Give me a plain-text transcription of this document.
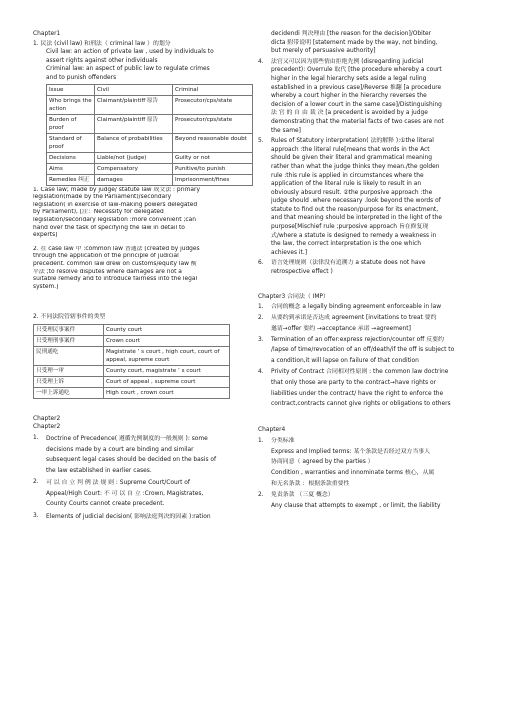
Chapter1

1. 民法 (civil law) 和刑法（ criminal law ）的划分

Civil law: an action of private law , used by individuals to

assert rights against other individuals

Criminal law: an aspect of public law to regulate crimes

and to punish offenders

Issue	Civil	Criminal
Who brings the action	Claimant/plaintiff 原告	Prosecutor/cps/state
Burden of proof	Claimant/plaintiff 原告	Prosecutor/cps/state
Standard of proof	Balance of probabilities	Beyond reasonable doubt
Decisions	Liable/not (judge)	Guilty or not
Aims	Compensatory	Punitive/to punish
Remedies 纠正	damages	Imprisonment/fines

1. Case law; made by judge/ statute law 成文法 : primary

legislation(made by the Parliament)/secondary

legislation( in exercise of law-making powers delegated

by Parliament), [注：Necessity for delegated

legislation/secondary legislation :more convenient ;can

hand over the task of specifying the law in detail to

experts]

2. 在 case law 中 :common law 普通法 [created by judges

through the application of the principle of judicial

precedent. common law drew on customs/equity law 衡

平法 ;to resolve disputes where damages are not a

suitable remedy and to introduce fairness into the legal

system.]

2. 不同法院管辖事件的类型

只受理民事案件	County court
只受理刑事案件	Crown court
民刑通吃	Magistrate ’ s court , high court, court of appeal, supreme court
只受理一审	County court, magistrate ’ s court
只受理上诉	Court of appeal , supreme court
一审上诉通吃	High court , crown court

Chapter2

Chapter2

1.	Doctrine of Precedence( 遵循先例制度的一般规则 ): some

decisions made by a court are binding and similar

subsequent legal cases should be decided on the basis of

the law established in earlier cases.

2.	可 以 自 立 判 例 法 规 则 : Supreme Court/Court of

Appeal/High Court: 不 可 以 自 立 :Crown, Magistrates,

County Courts cannot create precedent.

3.	Elements of judicial decision( 影响法庭判决的因素 ):ration

decidendi 判决理由 [the reason for the decision]/Obiter

dicta 附带说明 [statement made by the way, not binding,

but merely of persuasive authority]

4.	法官又可以因为那些情由拒绝先例 (disregarding judicial

precedent): Overrule 取代 [the procedure whereby a court

higher in the legal hierarchy sets aside a legal ruling

established in a previous case]/Reverse 推翻 [a procedure

whereby a court higher in the hierarchy reverses the

decision of a lower court in the same case]/Distinguishing

法 官 的 自 由 裁 决 [a precedent is avoided by a judge

demonstrating that the material facts of two cases are not

the same]

5.	Rules of Statutory interpretation( 法的解释 ):①the literal

approach :the literal rule[means that words in the Act

should be given their literal and grammatical meaning

rather than what the judge thinks they mean./the golden

rule :this rule is applied in circumstances where the

application of the literal rule is likely to result in an

obviously absurd result. ②the purposive approach :the

judge should .where necessary .look beyond the words of

statute to find out the reason/purpose for its enactment,

and that meaning should be interpreted in the light of the

purpose[Mischief rule ;purposive approach 旨在修复现

式/where a statute is designed to remedy a weakness in

the law, the correct interpretation is the one which

achieves it.]

6.	语言处理规则（法律没有追溯力 a statute does not have

retrospective effect )

Chapter3 合同法（ IMP）

1.	合同的概念 a legally binding agreement enforceable in law
2.	从要约到承诺是否达成 agreement [invitations to treat 要约
邀请→offer 要约 →acceptance 承诺 →agreement]
3.	Termination of an offer:express rejection/counter off 反要约
/lapse of time/revocation of an off/death/if the off is subject to
a condition,it will lapse on failure of that condition
4.	Privity of Contract 合同相对性原则 : the common law doctrine
that only those are party to the contract→have rights or
liabilities under the contract/ have the right to enforce the
contract,contracts cannot give rights or obligations to others

Chapter4

1.	分类标准
Express and Implied terms: 某个条款是否经过双方当事人
协商同意（ agreed by the parties ）
Condition , warranties and innominate terms 核心，从属
和无名条款 ：根据条款重要性
2.	免责条款 （三夏 概念）
Any clause that attempts to exempt , or limit, the liability
